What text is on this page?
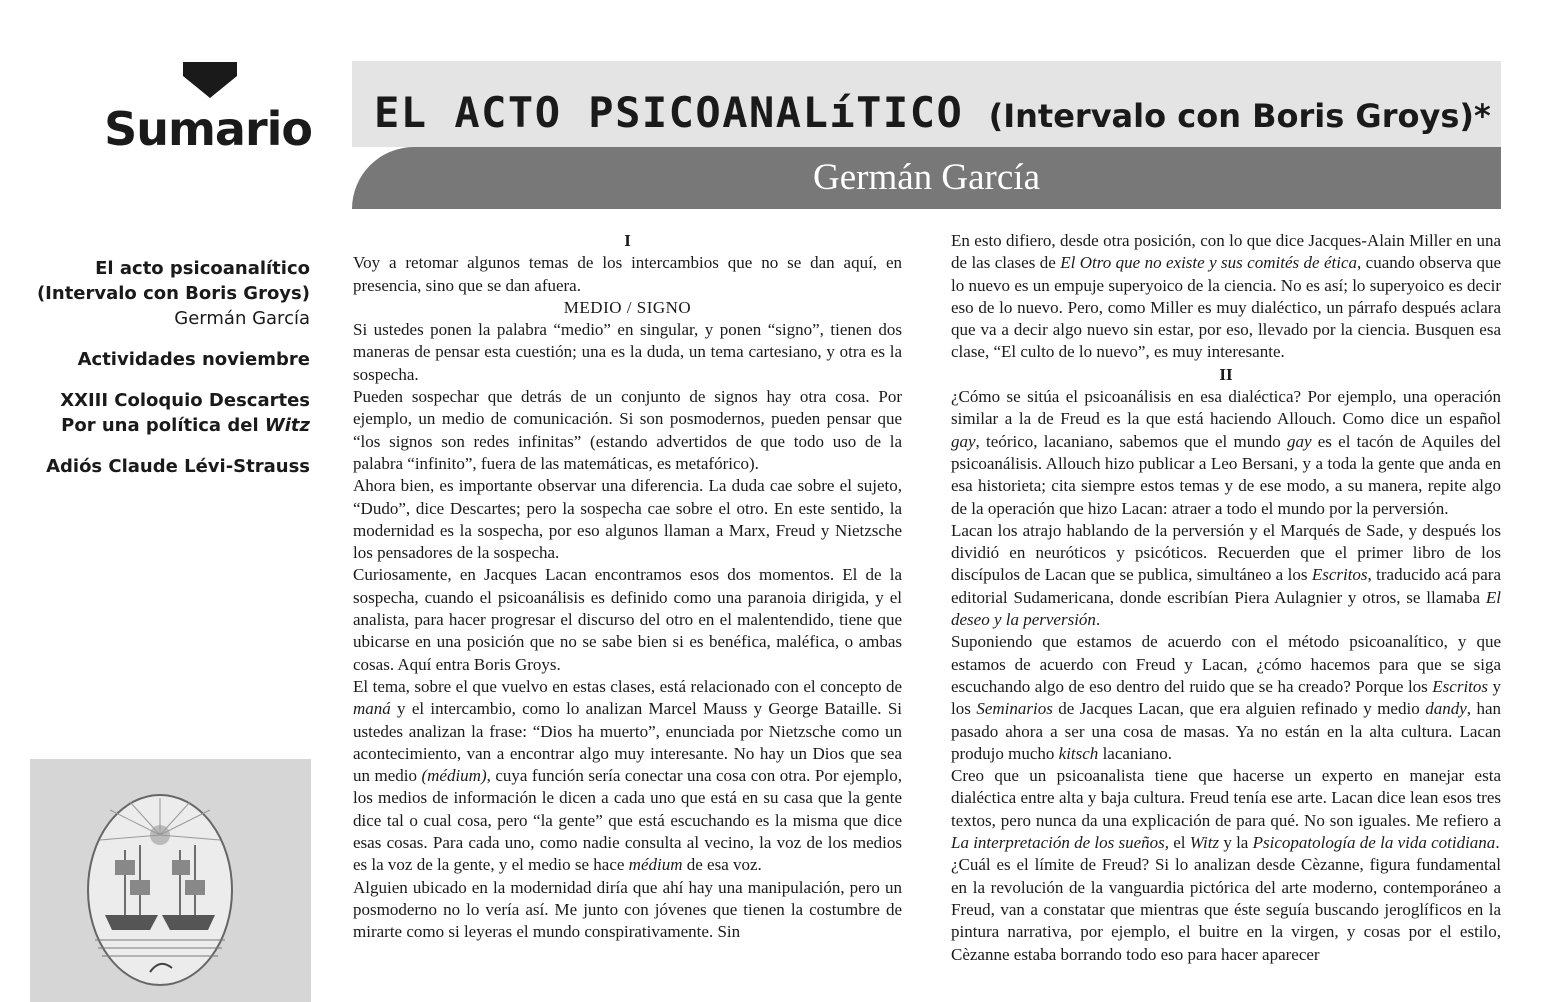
Sumario
El acto psicoanalítico
(Intervalo con Boris Groys)
Germán García
Actividades noviembre
XXIII Coloquio Descartes
Por una política del Witz
Adiós Claude Lévi-Strauss
EL ACTO PSICOANALíTICO (Intervalo con Boris Groys)*
Germán García

I

Voy a retomar algunos temas de los intercambios que no se dan aquí, en presencia, sino que se dan afuera.

MEDIO / SIGNO

Si ustedes ponen la palabra “medio” en singular, y ponen “signo”, tienen dos maneras de pensar esta cuestión; una es la duda, un tema cartesiano, y otra es la sospecha.

Pueden sospechar que detrás de un conjunto de signos hay otra cosa. Por ejemplo, un medio de comunicación. Si son posmodernos, pueden pensar que “los signos son redes infinitas” (estando advertidos de que todo uso de la palabra “infinito”, fuera de las matemáticas, es metafórico).

Ahora bien, es importante observar una diferencia. La duda cae sobre el sujeto, “Dudo”, dice Descartes; pero la sospecha cae sobre el otro. En este sentido, la modernidad es la sospecha, por eso algunos llaman a Marx, Freud y Nietzsche los pensadores de la sospecha.

Curiosamente, en Jacques Lacan encontramos esos dos momentos. El de la sospecha, cuando el psicoanálisis es definido como una paranoia dirigida, y el analista, para hacer progresar el discurso del otro en el malentendido, tiene que ubicarse en una posición que no se sabe bien si es benéfica, maléfica, o ambas cosas. Aquí entra Boris Groys.

El tema, sobre el que vuelvo en estas clases, está relacionado con el concepto de maná y el intercambio, como lo analizan Marcel Mauss y George Bataille. Si ustedes analizan la frase: “Dios ha muerto”, enunciada por Nietzsche como un acontecimiento, van a encontrar algo muy interesante. No hay un Dios que sea un medio (médium), cuya función sería conectar una cosa con otra. Por ejemplo, los medios de información le dicen a cada uno que está en su casa que la gente dice tal o cual cosa, pero “la gente” que está escuchando es la misma que dice esas cosas. Para cada uno, como nadie consulta al vecino, la voz de los medios es la voz de la gente, y el medio se hace médium de esa voz.

Alguien ubicado en la modernidad diría que ahí hay una manipulación, pero un posmoderno no lo vería así. Me junto con jóvenes que tienen la costumbre de mirarte como si leyeras el mundo conspirativamente. Sin

En esto difiero, desde otra posición, con lo que dice Jacques-Alain Miller en una de las clases de El Otro que no existe y sus comités de ética, cuando observa que lo nuevo es un empuje superyoico de la ciencia. No es así; lo superyoico es decir eso de lo nuevo. Pero, como Miller es muy dialéctico, un párrafo después aclara que va a decir algo nuevo sin estar, por eso, llevado por la ciencia. Busquen esa clase, “El culto de lo nuevo”, es muy interesante.

II

¿Cómo se sitúa el psicoanálisis en esa dialéctica? Por ejemplo, una operación similar a la de Freud es la que está haciendo Allouch. Como dice un español gay, teórico, lacaniano, sabemos que el mundo gay es el tacón de Aquiles del psicoanálisis. Allouch hizo publicar a Leo Bersani, y a toda la gente que anda en esa historieta; cita siempre estos temas y de ese modo, a su manera, repite algo de la operación que hizo Lacan: atraer a todo el mundo por la perversión.

Lacan los atrajo hablando de la perversión y el Marqués de Sade, y después los dividió en neuróticos y psicóticos. Recuerden que el primer libro de los discípulos de Lacan que se publica, simultáneo a los Escritos, traducido acá para editorial Sudamericana, donde escribían Piera Aulagnier y otros, se llamaba El deseo y la perversión.

Suponiendo que estamos de acuerdo con el método psicoanalítico, y que estamos de acuerdo con Freud y Lacan, ¿cómo hacemos para que se siga escuchando algo de eso dentro del ruido que se ha creado? Porque los Escritos y los Seminarios de Jacques Lacan, que era alguien refinado y medio dandy, han pasado ahora a ser una cosa de masas. Ya no están en la alta cultura. Lacan produjo mucho kitsch lacaniano.

Creo que un psicoanalista tiene que hacerse un experto en manejar esta dialéctica entre alta y baja cultura. Freud tenía ese arte. Lacan dice lean esos tres textos, pero nunca da una explicación de para qué. No son iguales. Me refiero a La interpretación de los sueños, el Witz y la Psicopatología de la vida cotidiana.

¿Cuál es el límite de Freud? Si lo analizan desde Cèzanne, figura fundamental en la revolución de la vanguardia pictórica del arte moderno, contemporáneo a Freud, van a constatar que mientras que éste seguía buscando jeroglíficos en la pintura narrativa, por ejemplo, el buitre en la virgen, y cosas por el estilo, Cèzanne estaba borrando todo eso para hacer aparecer
